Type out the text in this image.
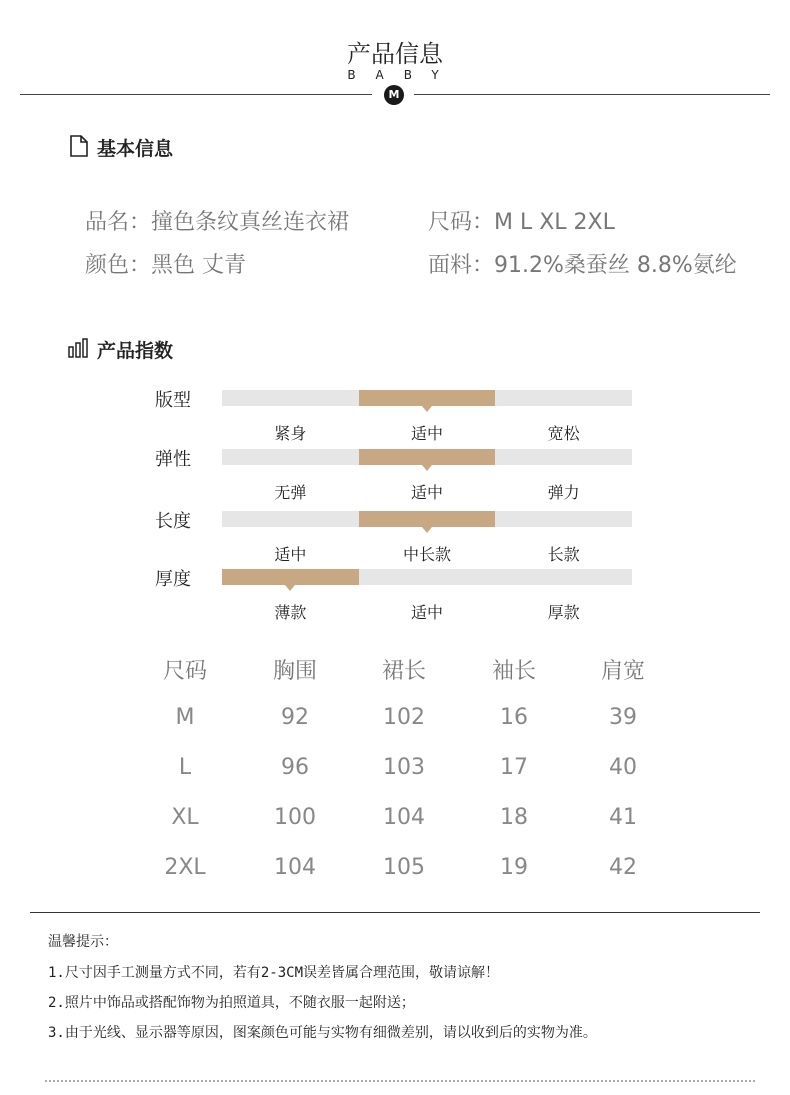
产品信息
BABY
M
基本信息
品名：撞色条纹真丝连衣裙	尺码：M L XL 2XL
颜色：黑色 丈青	面料：91.2%桑蚕丝 8.8%氨纶
产品指数
版型
紧身	适中	宽松
弹性
无弹	适中	弹力
长度
适中	中长款	长款
厚度
薄款	适中	厚款
尺码	胸围	裙长	袖长	肩宽
M	92	102	16	39
L	96	103	17	40
XL	100	104	18	41
2XL	104	105	19	42
温馨提示：
1.尺寸因手工测量方式不同，若有2-3CM误差皆属合理范围，敬请谅解！
2.照片中饰品或搭配饰物为拍照道具，不随衣服一起附送；
3.由于光线、显示器等原因，图案颜色可能与实物有细微差别，请以收到后的实物为准。
